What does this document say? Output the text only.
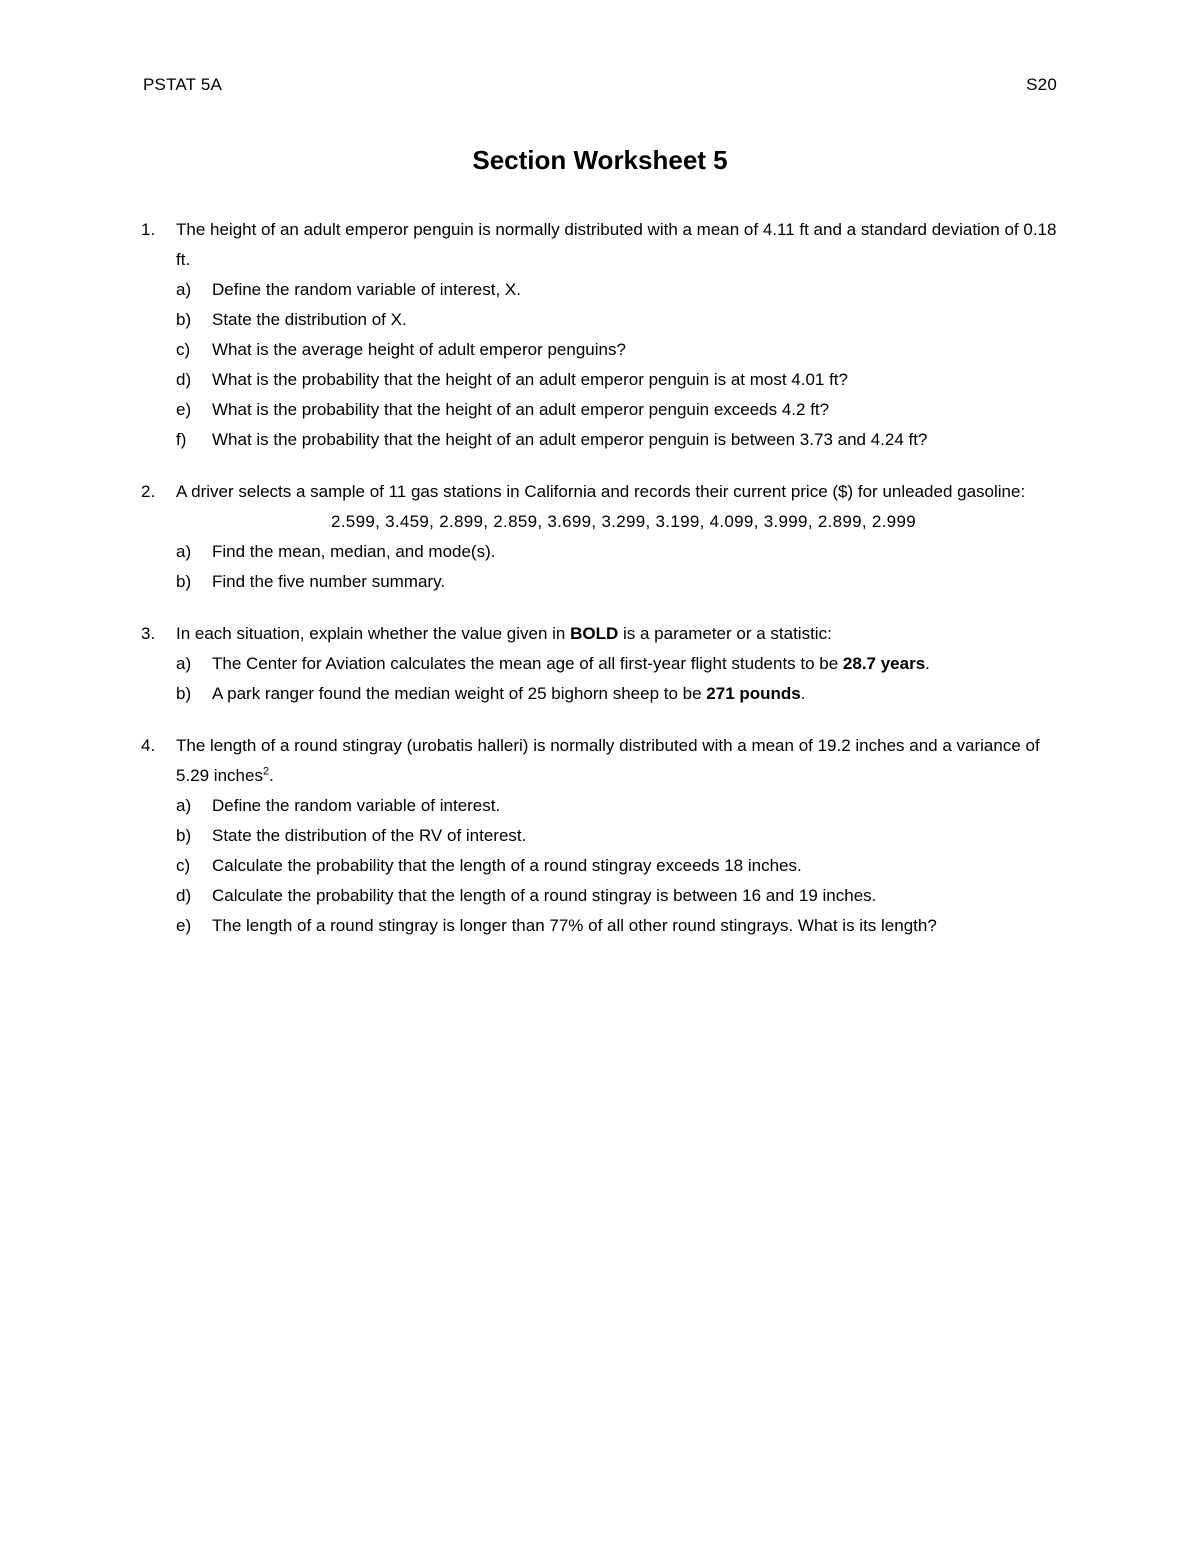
PSTAT 5A	S20
Section Worksheet 5
1. The height of an adult emperor penguin is normally distributed with a mean of 4.11 ft and a standard deviation of 0.18 ft.
a) Define the random variable of interest, X.
b) State the distribution of X.
c) What is the average height of adult emperor penguins?
d) What is the probability that the height of an adult emperor penguin is at most 4.01 ft?
e) What is the probability that the height of an adult emperor penguin exceeds 4.2 ft?
f) What is the probability that the height of an adult emperor penguin is between 3.73 and 4.24 ft?
2. A driver selects a sample of 11 gas stations in California and records their current price ($) for unleaded gasoline:
2.599, 3.459, 2.899, 2.859, 3.699, 3.299, 3.199, 4.099, 3.999, 2.899, 2.999
a) Find the mean, median, and mode(s).
b) Find the five number summary.
3. In each situation, explain whether the value given in BOLD is a parameter or a statistic:
a) The Center for Aviation calculates the mean age of all first-year flight students to be 28.7 years.
b) A park ranger found the median weight of 25 bighorn sheep to be 271 pounds.
4. The length of a round stingray (urobatis halleri) is normally distributed with a mean of 19.2 inches and a variance of 5.29 inches$^2$.
a) Define the random variable of interest.
b) State the distribution of the RV of interest.
c) Calculate the probability that the length of a round stingray exceeds 18 inches.
d) Calculate the probability that the length of a round stingray is between 16 and 19 inches.
e) The length of a round stingray is longer than 77% of all other round stingrays. What is its length?
